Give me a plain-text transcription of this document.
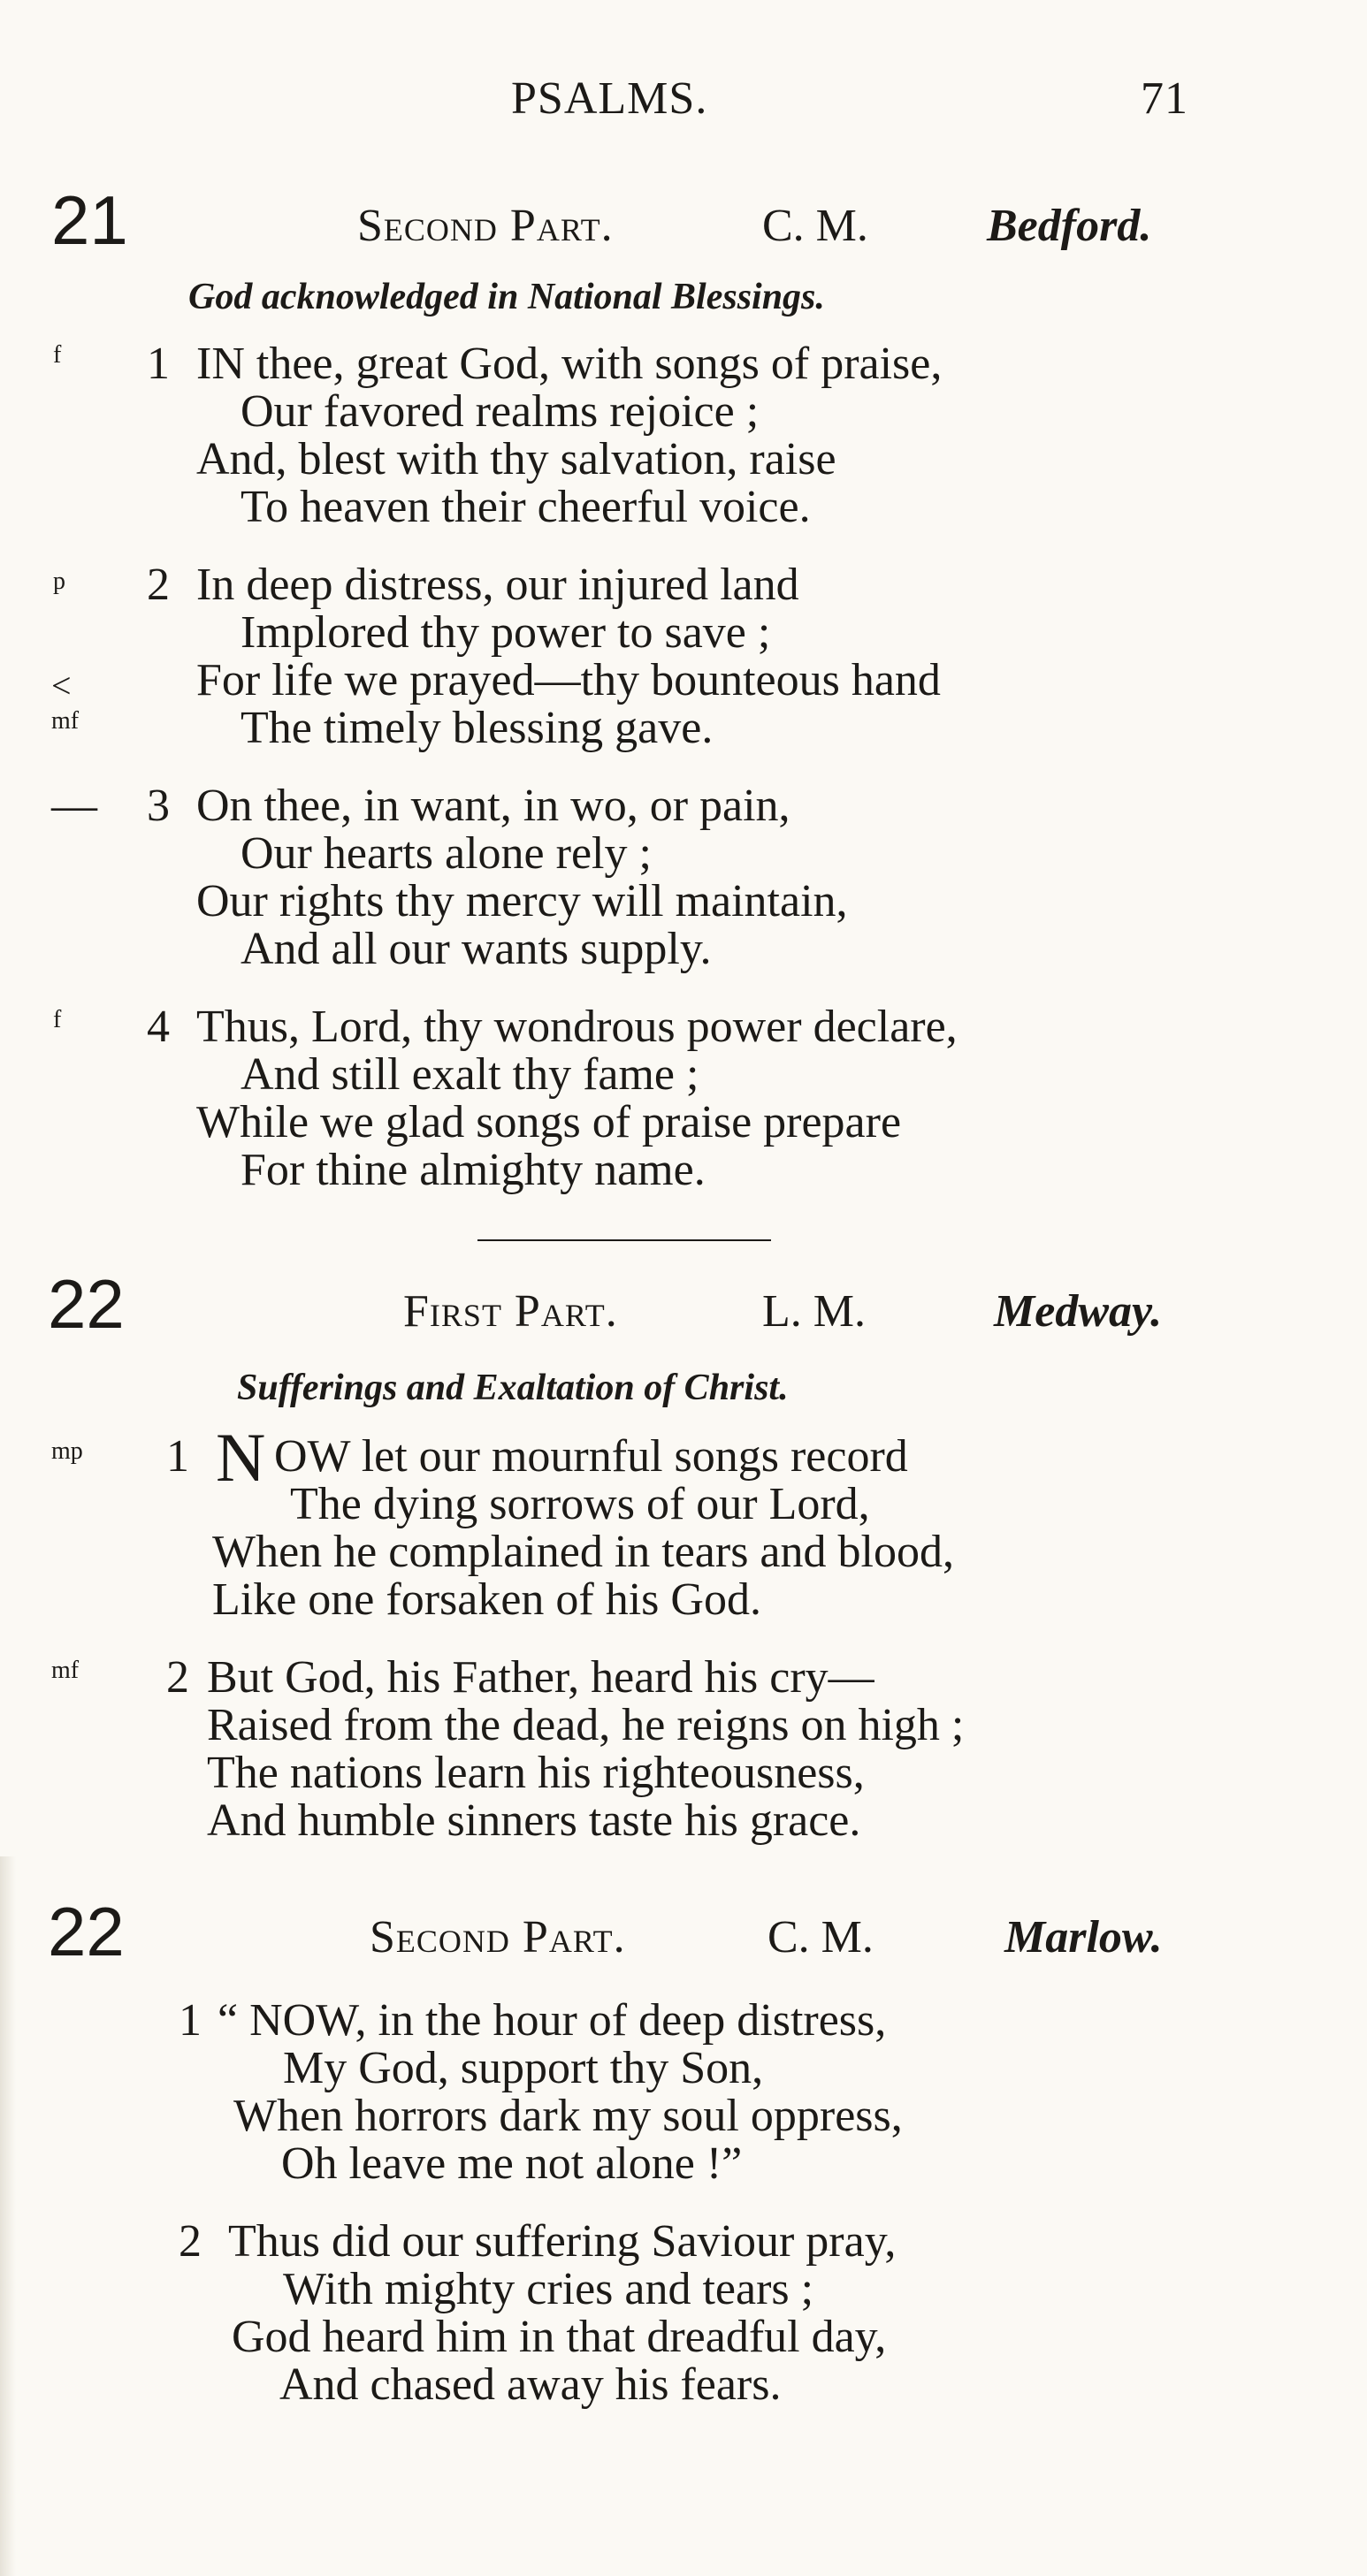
PSALMS.	71
21	Second Part.	C. M.	Bedford.
God acknowledged in National Blessings.
f 1 IN thee, great God, with songs of praise,
Our favored realms rejoice ;
And, blest with thy salvation, raise
To heaven their cheerful voice.
p 2 In deep distress, our injured land
Implored thy power to save ;
<	For life we prayed—thy bounteous hand
mf	The timely blessing gave.
— 3 On thee, in want, in wo, or pain,
Our hearts alone rely ;
Our rights thy mercy will maintain,
And all our wants supply.
f 4 Thus, Lord, thy wondrous power declare,
And still exalt thy fame ;
While we glad songs of praise prepare
For thine almighty name.
22	First Part.	L. M.	Medway.
Sufferings and Exaltation of Christ.
mp 1 N OW let our mournful songs record
The dying sorrows of our Lord,
When he complained in tears and blood,
Like one forsaken of his God.
mf 2 But God, his Father, heard his cry—
Raised from the dead, he reigns on high ;
The nations learn his righteousness,
And humble sinners taste his grace.
22	Second Part.	C. M.	Marlow.
1 “ NOW, in the hour of deep distress,
My God, support thy Son,
When horrors dark my soul oppress,
Oh leave me not alone !”
2 Thus did our suffering Saviour pray,
With mighty cries and tears ;
God heard him in that dreadful day,
And chased away his fears.
